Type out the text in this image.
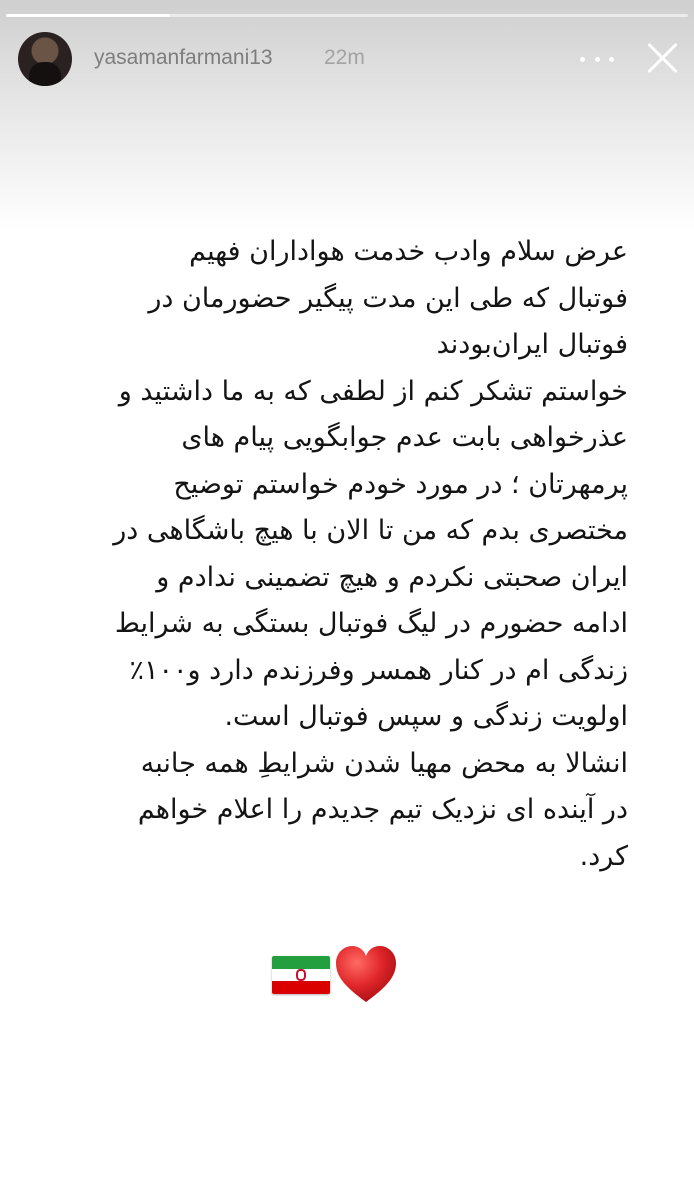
yasamanfarmani13 22m

عرض سلام وادب خدمت هواداران فهیم
فوتبال که طی این مدت پیگیر حضورمان در
فوتبال ایران‌بودند

خواستم تشکر کنم از لطفی که به ما داشتید و
عذرخواهی بابت عدم جوابگویی پیام های
پرمهرتان ؛ در مورد خودم خواستم توضیح
مختصری بدم که من تا الان با هیچ باشگاهی در
ایران صحبتی نکردم و هیچ تضمینی ندادم و
ادامه حضورم در لیگ فوتبال بستگی به شرایط
زندگی ام در کنار همسر وفرزندم دارد و۱۰۰٪
اولویت زندگی و سپس فوتبال است.

انشالا به محض مهیا شدن شرایطِ همه جانبه
در آینده ای نزدیک تیم جدیدم را اعلام خواهم
کرد.
